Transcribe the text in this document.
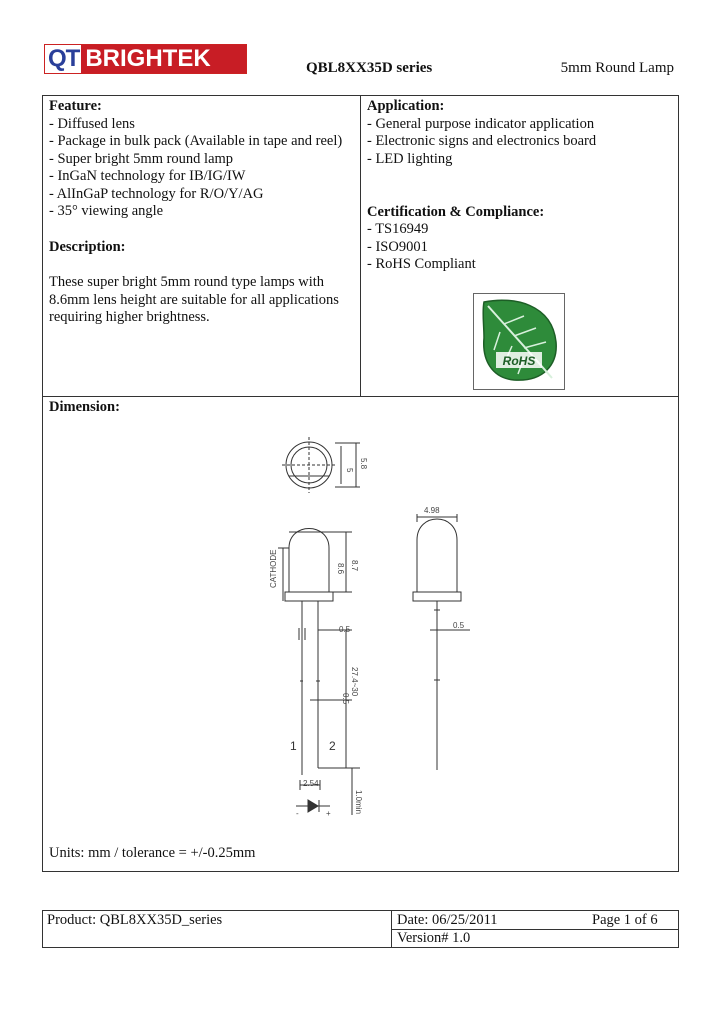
QT BRIGHTEK	QBL8XX35D series	5mm Round Lamp
Feature:
- Diffused lens
- Package in bulk pack (Available in tape and reel)
- Super bright 5mm round lamp
- InGaN technology for IB/IG/IW
- AlInGaP technology for R/O/Y/AG
- 35° viewing angle
Description:
These super bright 5mm round type lamps with
8.6mm lens height are suitable for all applications
requiring higher brightness.
Application:
- General purpose indicator application
- Electronic signs and electronics board
- LED lighting
Certification & Compliance:
- TS16949
- ISO9001
- RoHS Compliant
RoHS
Dimension:
5
5.8
4.98
8.6 8.7
CATHODE
0.5	0.5
27.4~30
0.5
2.54
1.0min
-	+
1	2
Units: mm / tolerance = +/-0.25mm
Product: QBL8XX35D_series	Date: 06/25/2011	Page 1 of 6
Version# 1.0
